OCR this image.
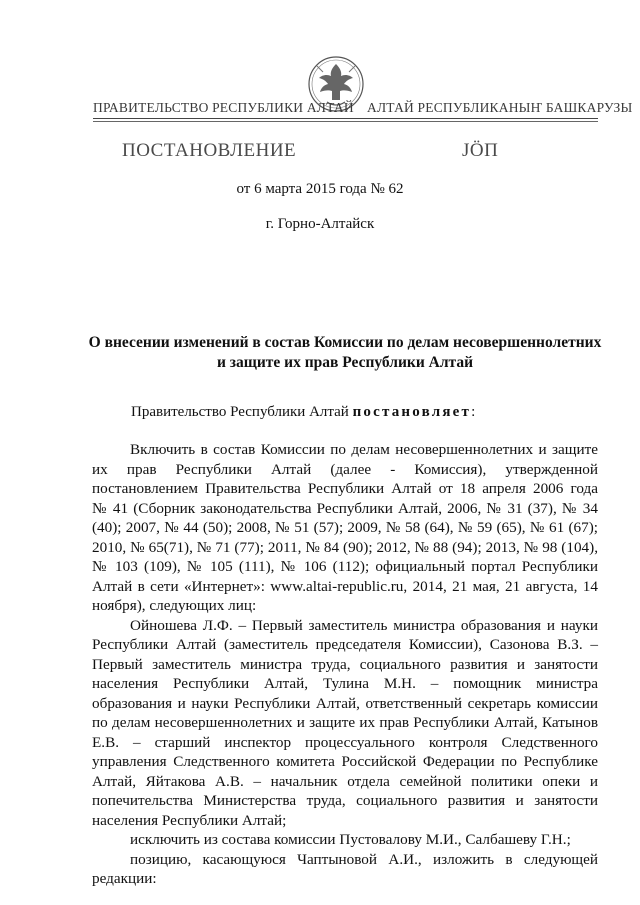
ПРАВИТЕЛЬСТВО РЕСПУБЛИКИ АЛТАЙ АЛТАЙ РЕСПУБЛИКАНЫҤ БАШКАРУЗЫ
ПОСТАНОВЛЕНИЕ	ЈӦП
от 6 марта 2015 года № 62
г. Горно-Алтайск
О внесении изменений в состав Комиссии по делам несовершеннолетних
и защите их прав Республики Алтай
Правительство Республики Алтай постановляет:
Включить в состав Комиссии по делам несовершеннолетних и защите
их прав Республики Алтай (далее - Комиссия), утвержденной
постановлением Правительства Республики Алтай от 18 апреля 2006 года
№ 41 (Сборник законодательства Республики Алтай, 2006, № 31 (37), № 34
(40); 2007, № 44 (50); 2008, № 51 (57); 2009, № 58 (64), № 59 (65), № 61 (67);
2010, № 65(71), № 71 (77); 2011, № 84 (90); 2012, № 88 (94); 2013, № 98 (104),
№ 103 (109), № 105 (111), № 106 (112); официальный портал Республики
Алтай в сети «Интернет»: www.altai-republic.ru, 2014, 21 мая, 21 августа, 14
ноября), следующих лиц:
Ойношева Л.Ф. – Первый заместитель министра образования и науки
Республики Алтай (заместитель председателя Комиссии), Сазонова В.З. –
Первый заместитель министра труда, социального развития и занятости
населения Республики Алтай, Тулина М.Н. – помощник министра
образования и науки Республики Алтай, ответственный секретарь комиссии
по делам несовершеннолетних и защите их прав Республики Алтай, Катынов
Е.В. – старший инспектор процессуального контроля Следственного
управления Следственного комитета Российской Федерации по Республике
Алтай, Яйтакова А.В. – начальник отдела семейной политики опеки и
попечительства Министерства труда, социального развития и занятости
населения Республики Алтай;
исключить из состава комиссии Пустовалову М.И., Салбашеву Г.Н.;
позицию, касающуюся Чаптыновой А.И., изложить в следующей
редакции:
